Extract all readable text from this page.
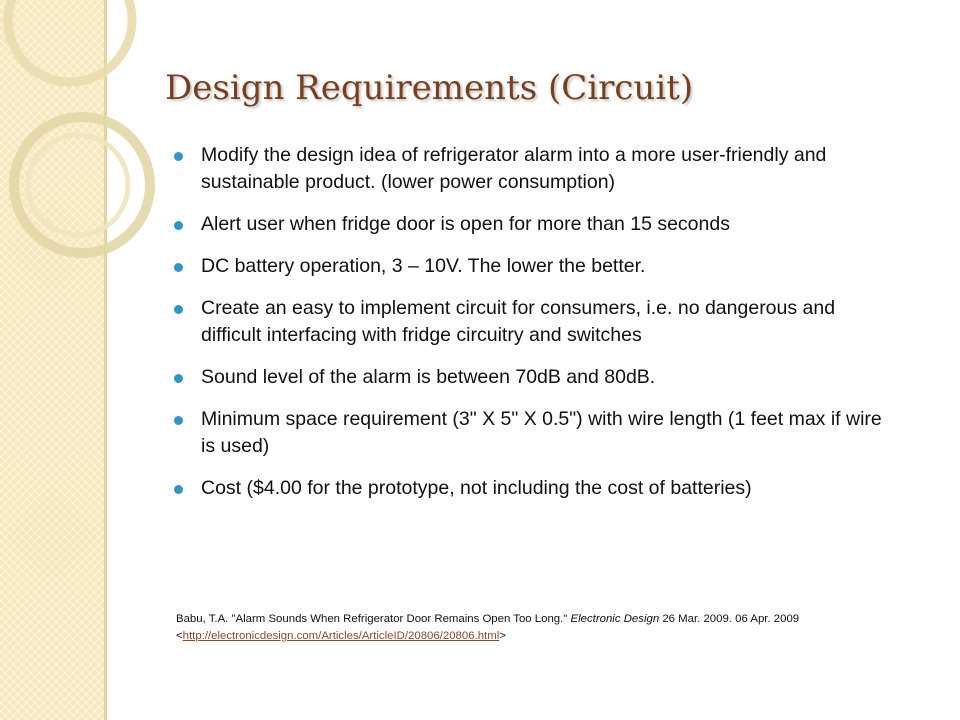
Design Requirements (Circuit)
Modify the design idea of refrigerator alarm into a more user-friendly and sustainable product. (lower power consumption)
Alert user when fridge door is open for more than 15 seconds
DC battery operation, 3 – 10V. The lower the better.
Create an easy to implement circuit for consumers, i.e. no dangerous and difficult interfacing with fridge circuitry and switches
Sound level of the alarm is between 70dB and 80dB.
Minimum space requirement (3" X 5" X 0.5") with wire length (1 feet max if wire is used)
Cost ($4.00 for the prototype, not including the cost of batteries)
Babu, T.A. "Alarm Sounds When Refrigerator Door Remains Open Too Long." Electronic Design 26 Mar. 2009. 06 Apr. 2009
<http://electronicdesign.com/Articles/ArticleID/20806/20806.html>
